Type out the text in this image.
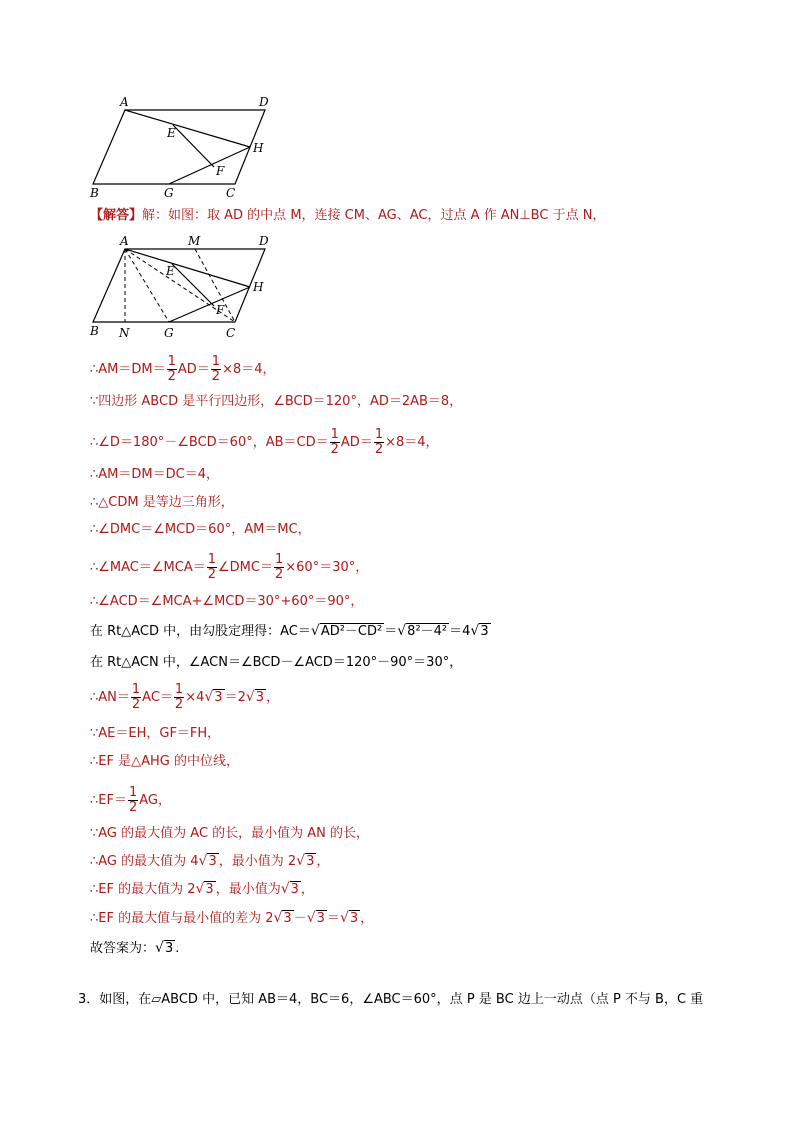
A	D
E
H
F
B	G	C
【解答】解：如图：取 AD 的中点 M，连接 CM、AG、AC，过点 A 作 AN⊥BC 于点 N，
A	M	D
E
H
F
B N	G	C
∴AM＝DM＝ $\frac{1}{2} AD= \frac{1}{2} \times 8=4$，
∵四边形 ABCD 是平行四边形，∠BCD＝120°，AD＝2AB＝8，
∴∠D＝180°－∠BCD＝60°，$AB=CD= \frac{1}{2} AD= \frac{1}{2} \times 8=4$，
∴AM＝DM＝DC＝4，
∴△CDM 是等边三角形，
∴∠DMC＝∠MCD＝60°，AM＝MC，
∴∠MAC＝∠MCA＝ $\frac{1}{2}$ ∠DMC＝ $\frac{1}{2} \times 60^\circ=30^\circ$，
∴∠ACD＝∠MCA+∠MCD＝30°+60°＝90°，
在 Rt△ACD 中，由勾股定理得：AC＝√AD²－CD² ＝√8²－4² ＝4√3
在 Rt△ACN 中，∠ACN＝∠BCD－∠ACD＝120°－90°＝30°，
∴AN＝ $\frac{1}{2} AC= \frac{1}{2} \times 4√3 =2√3$ ，
∵AE＝EH，GF＝FH，
∴EF 是△AHG 的中位线，
∴EF＝ $\frac{1}{2}$ AG，
∵AG 的最大值为 AC 的长，最小值为 AN 的长，
∴AG 的最大值为 4√3 ，最小值为 2√3 ，
∴EF 的最大值为 2√3 ，最小值为√3 ，
∴EF 的最大值与最小值的差为 2√3 －√3 ＝√3 ，
故答案为：√3 .
3．如图，在▱ABCD 中，已知 AB＝4，BC＝6，∠ABC＝60°，点 P 是 BC 边上一动点（点 P 不与 B，C 重
